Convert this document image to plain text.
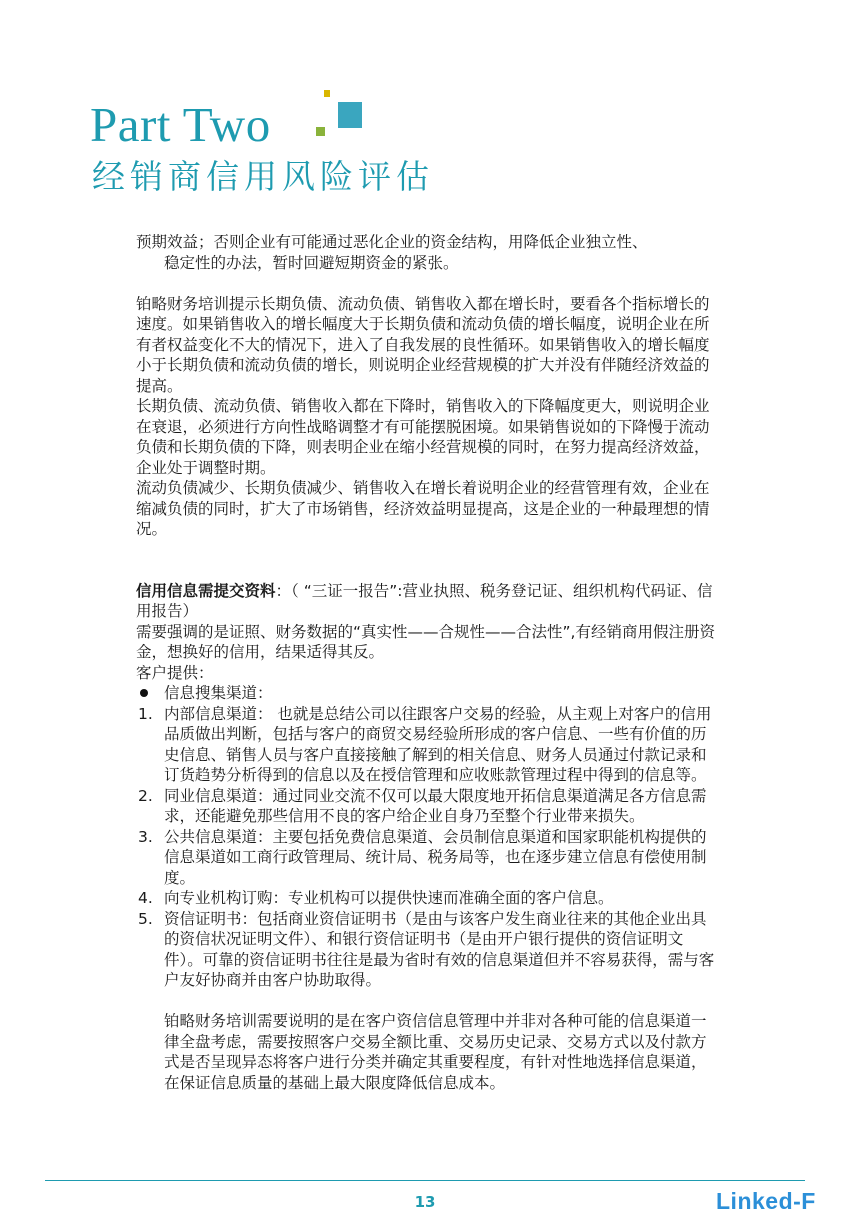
Part Two
经销商信用风险评估

预期效益；否则企业有可能通过恶化企业的资金结构，用降低企业独立性、

稳定性的办法，暂时回避短期资金的紧张。

铂略财务培训提示长期负债、流动负债、销售收入都在增长时，要看各个指标增长的速度。如果销售收入的增长幅度大于长期负债和流动负债的增长幅度，说明企业在所有者权益变化不大的情况下，进入了自我发展的良性循环。如果销售收入的增长幅度小于长期负债和流动负债的增长，则说明企业经营规模的扩大并没有伴随经济效益的提高。

长期负债、流动负债、销售收入都在下降时，销售收入的下降幅度更大，则说明企业在衰退，必须进行方向性战略调整才有可能摆脱困境。如果销售说如的下降慢于流动负债和长期负债的下降，则表明企业在缩小经营规模的同时，在努力提高经济效益，企业处于调整时期。

流动负债减少、长期负债减少、销售收入在增长着说明企业的经营管理有效，企业在缩减负债的同时，扩大了市场销售，经济效益明显提高，这是企业的一种最理想的情况。

信用信息需提交资料：（ “三证一报告”:营业执照、税务登记证、组织机构代码证、信用报告）

需要强调的是证照、财务数据的“真实性——合规性——合法性”,有经销商用假注册资金，想换好的信用，结果适得其反。

客户提供：

信息搜集渠道：
1. 内部信息渠道： 也就是总结公司以往跟客户交易的经验，从主观上对客户的信用品质做出判断，包括与客户的商贸交易经验所形成的客户信息、一些有价值的历史信息、销售人员与客户直接接触了解到的相关信息、财务人员通过付款记录和订货趋势分析得到的信息以及在授信管理和应收账款管理过程中得到的信息等。
2. 同业信息渠道：通过同业交流不仅可以最大限度地开拓信息渠道满足各方信息需求，还能避免那些信用不良的客户给企业自身乃至整个行业带来损失。
3. 公共信息渠道：主要包括免费信息渠道、会员制信息渠道和国家职能机构提供的信息渠道如工商行政管理局、统计局、税务局等，也在逐步建立信息有偿使用制度。
4. 向专业机构订购：专业机构可以提供快速而准确全面的客户信息。
5. 资信证明书：包括商业资信证明书（是由与该客户发生商业往来的其他企业出具的资信状况证明文件）、和银行资信证明书（是由开户银行提供的资信证明文件）。可靠的资信证明书往往是最为省时有效的信息渠道但并不容易获得，需与客户友好协商并由客户协助取得。

铂略财务培训需要说明的是在客户资信信息管理中并非对各种可能的信息渠道一律全盘考虑，需要按照客户交易全额比重、交易历史记录、交易方式以及付款方式是否呈现异态将客户进行分类并确定其重要程度，有针对性地选择信息渠道，在保证信息质量的基础上最大限度降低信息成本。

13	Linked-F
